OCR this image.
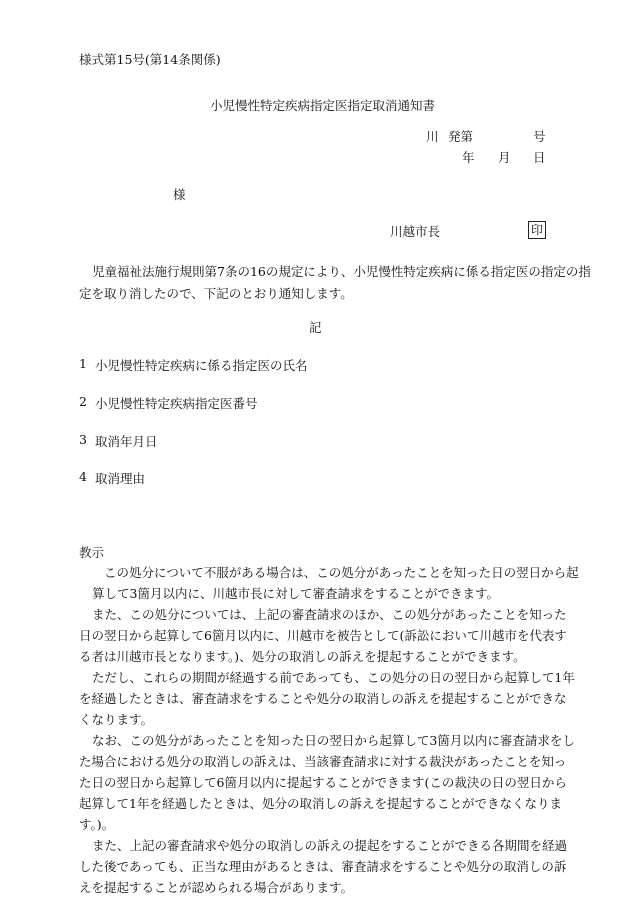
様式第15号(第14条関係)
小児慢性特定疾病指定医指定取消通知書
川 発第	号
年 月 日
様
川越市長	印
児童福祉法施行規則第7条の16の規定により、小児慢性特定疾病に係る指定医の指定の指
定を取り消したので、下記のとおり通知します。
記
1 小児慢性特定疾病に係る指定医の氏名
2 小児慢性特定疾病指定医番号
3 取消年月日
4 取消理由
教示
この処分について不服がある場合は、この処分があったことを知った日の翌日から起
算して3箇月以内に、川越市長に対して審査請求をすることができます。
また、この処分については、上記の審査請求のほか、この処分があったことを知った
日の翌日から起算して6箇月以内に、川越市を被告として(訴訟において川越市を代表す
る者は川越市長となります。)、処分の取消しの訴えを提起することができます。
ただし、これらの期間が経過する前であっても、この処分の日の翌日から起算して1年
を経過したときは、審査請求をすることや処分の取消しの訴えを提起することができな
くなります。
なお、この処分があったことを知った日の翌日から起算して3箇月以内に審査請求をし
た場合における処分の取消しの訴えは、当該審査請求に対する裁決があったことを知っ
た日の翌日から起算して6箇月以内に提起することができます(この裁決の日の翌日から
起算して1年を経過したときは、処分の取消しの訴えを提起することができなくなりま
す。)。
また、上記の審査請求や処分の取消しの訴えの提起をすることができる各期間を経過
した後であっても、正当な理由があるときは、審査請求をすることや処分の取消しの訴
えを提起することが認められる場合があります。
